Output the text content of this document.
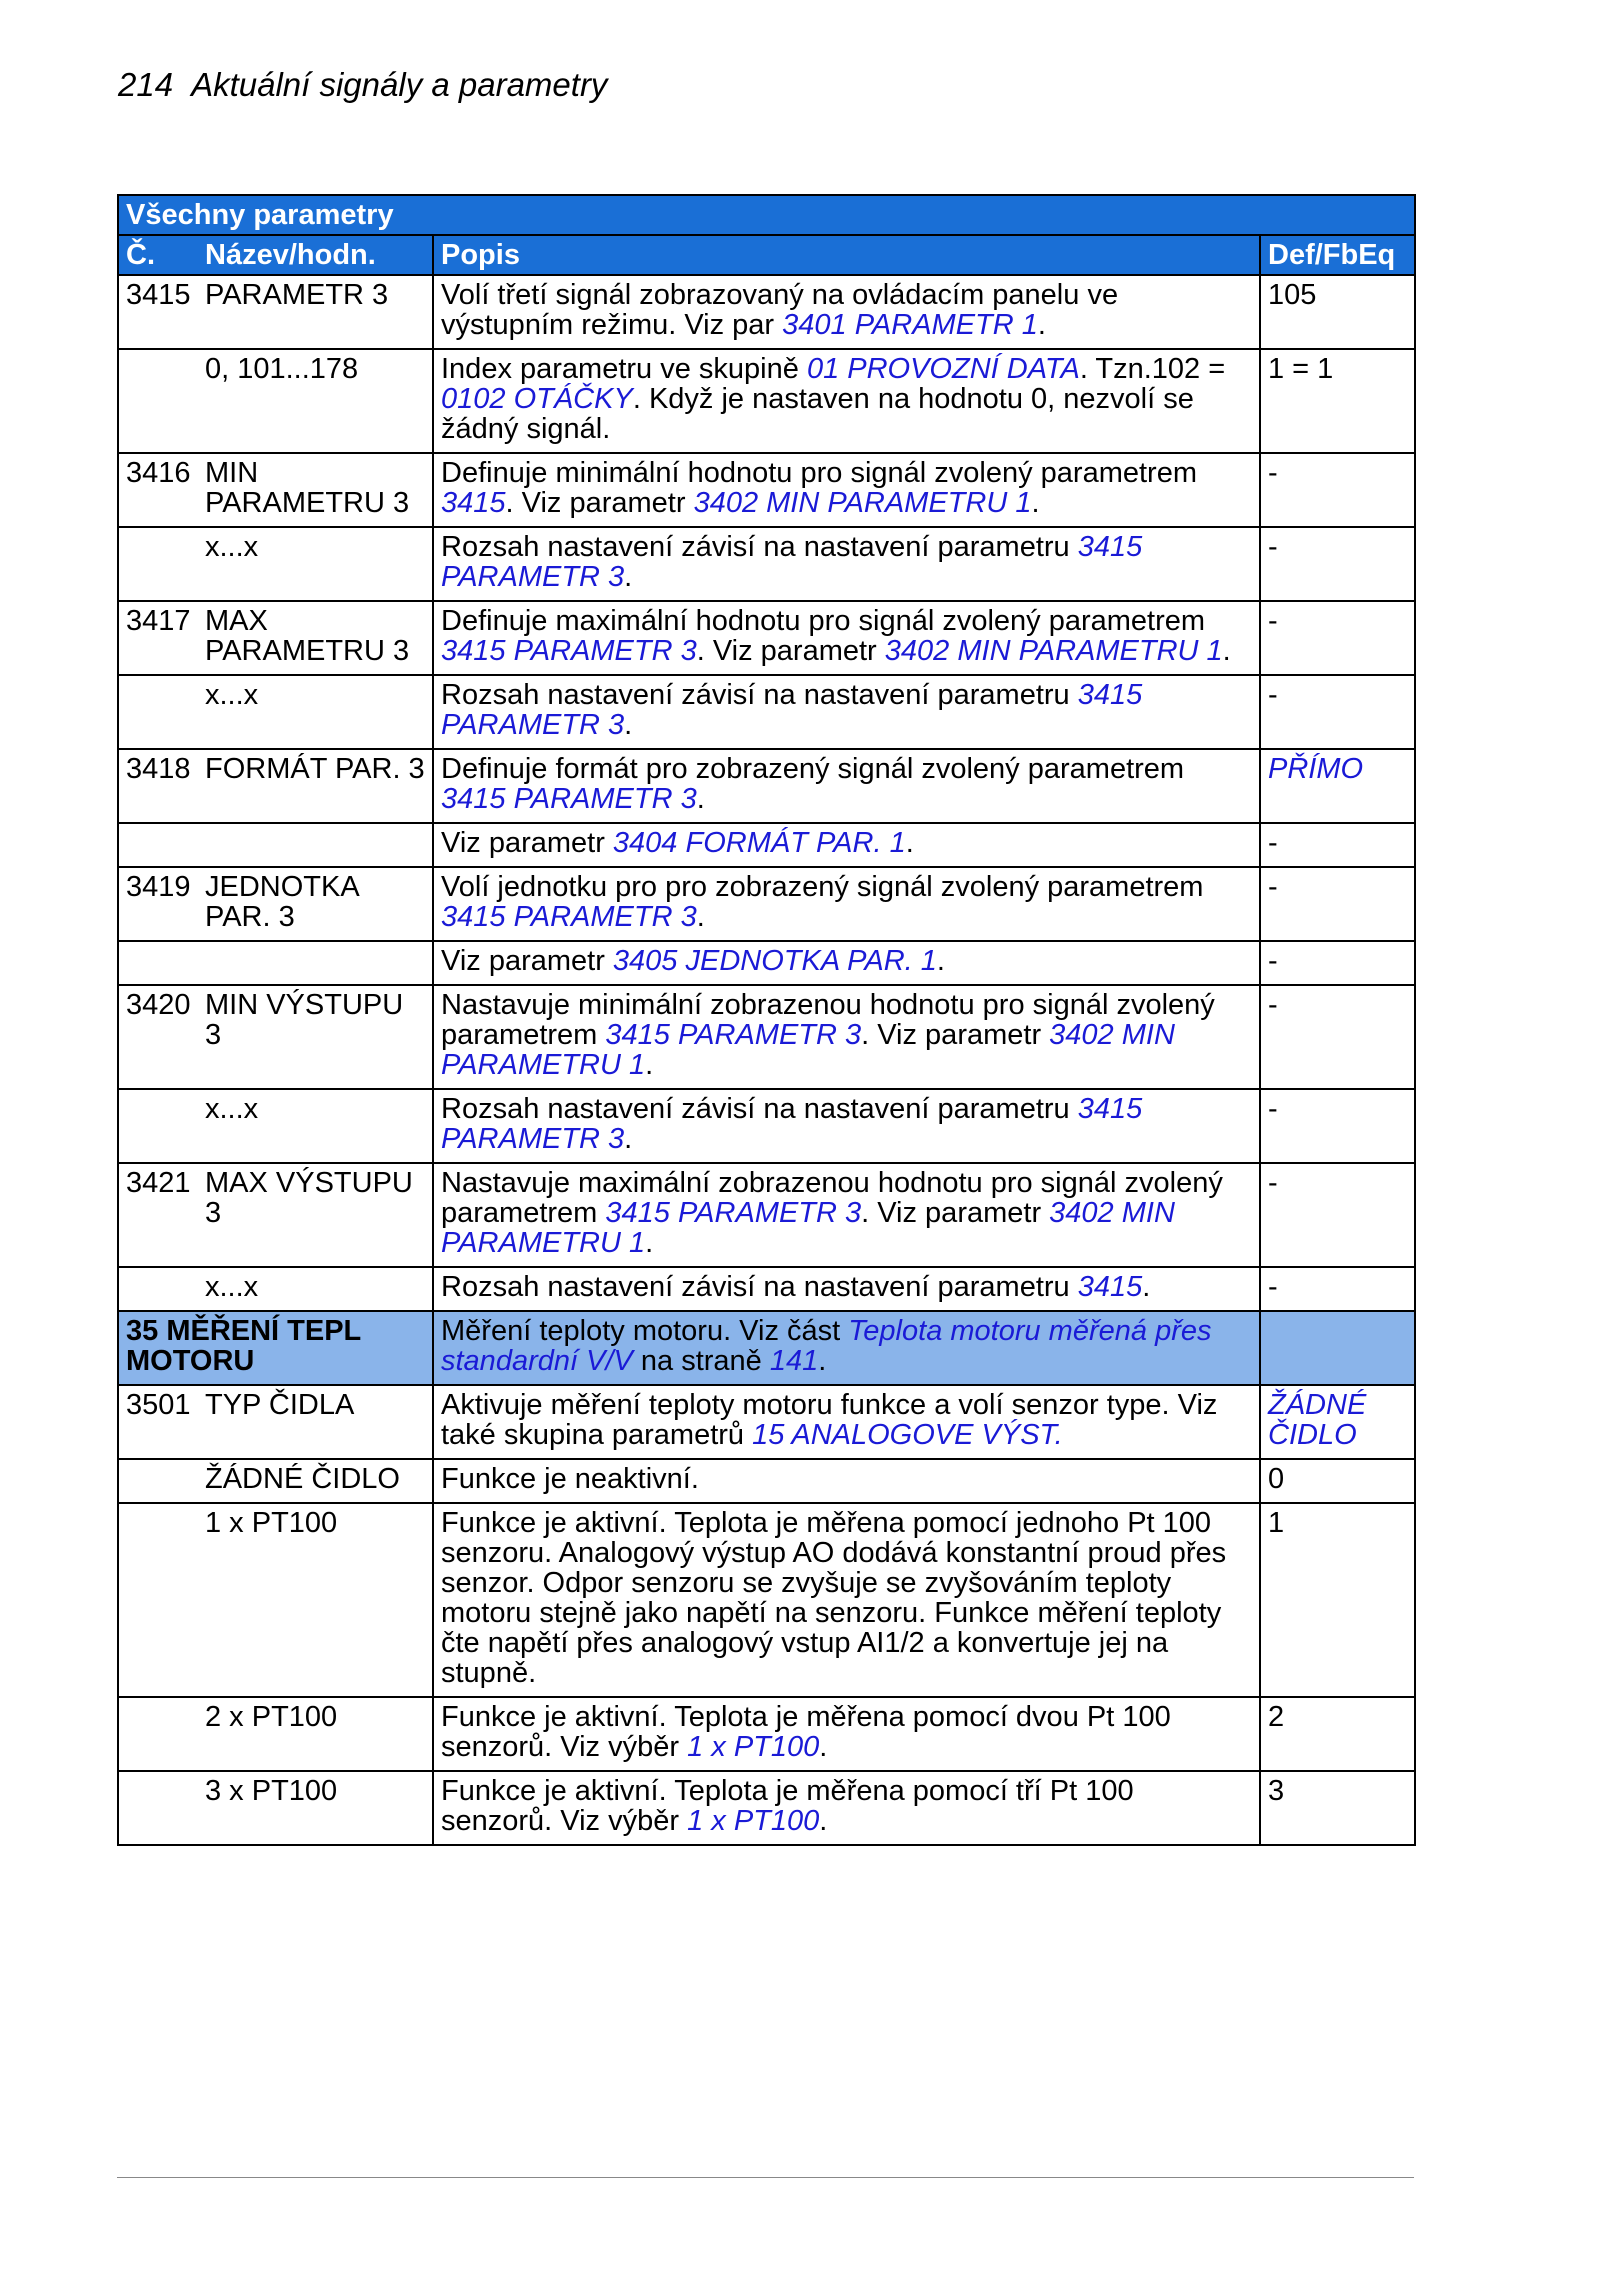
214 Aktuální signály a parametry
Všechny parametry			
Č.	Název/hodn.	Popis	Def/FbEq
3415	PARAMETR 3	Volí třetí signál zobrazovaný na ovládacím panelu ve výstupním režimu. Viz par 3401 PARAMETR 1.	105
	0, 101...178	Index parametru ve skupině 01 PROVOZNÍ DATA. Tzn.102 = 0102 OTÁČKY. Když je nastaven na hodnotu 0, nezvolí se žádný signál.	1 = 1
3416	MIN PARAMETRU 3	Definuje minimální hodnotu pro signál zvolený parametrem 3415. Viz parametr 3402 MIN PARAMETRU 1.	-
	x...x	Rozsah nastavení závisí na nastavení parametru 3415 PARAMETR 3.	-
3417	MAX PARAMETRU 3	Definuje maximální hodnotu pro signál zvolený parametrem 3415 PARAMETR 3. Viz parametr 3402 MIN PARAMETRU 1.	-
	x...x	Rozsah nastavení závisí na nastavení parametru 3415 PARAMETR 3.	-
3418	FORMÁT PAR. 3	Definuje formát pro zobrazený signál zvolený parametrem 3415 PARAMETR 3.	PŘÍMO
		Viz parametr 3404 FORMÁT PAR. 1.	-
3419	JEDNOTKA PAR. 3	Volí jednotku pro pro zobrazený signál zvolený parametrem 3415 PARAMETR 3.	-
		Viz parametr 3405 JEDNOTKA PAR. 1.	-
3420	MIN VÝSTUPU 3	Nastavuje minimální zobrazenou hodnotu pro signál zvolený parametrem 3415 PARAMETR 3. Viz parametr 3402 MIN PARAMETRU 1.	-
	x...x	Rozsah nastavení závisí na nastavení parametru 3415 PARAMETR 3.	-
3421	MAX VÝSTUPU 3	Nastavuje maximální zobrazenou hodnotu pro signál zvolený parametrem 3415 PARAMETR 3. Viz parametr 3402 MIN PARAMETRU 1.	-
	x...x	Rozsah nastavení závisí na nastavení parametru 3415.	-
35 MĚŘENÍ TEPL MOTORU		Měření teploty motoru. Viz část Teplota motoru měřená přes standardní V/V na straně 141.	
3501	TYP ČIDLA	Aktivuje měření teploty motoru funkce a volí senzor type. Viz také skupina parametrů 15 ANALOGOVE VÝST.	ŽÁDNÉ ČIDLO
	ŽÁDNÉ ČIDLO	Funkce je neaktivní.	0
	1 x PT100	Funkce je aktivní. Teplota je měřena pomocí jednoho Pt 100 senzoru. Analogový výstup AO dodává konstantní proud přes senzor. Odpor senzoru se zvyšuje se zvyšováním teploty motoru stejně jako napětí na senzoru. Funkce měření teploty čte napětí přes analogový vstup AI1/2 a konvertuje jej na stupně.	1
	2 x PT100	Funkce je aktivní. Teplota je měřena pomocí dvou Pt 100 senzorů. Viz výběr 1 x PT100.	2
	3 x PT100	Funkce je aktivní. Teplota je měřena pomocí tří Pt 100 senzorů. Viz výběr 1 x PT100.	3
